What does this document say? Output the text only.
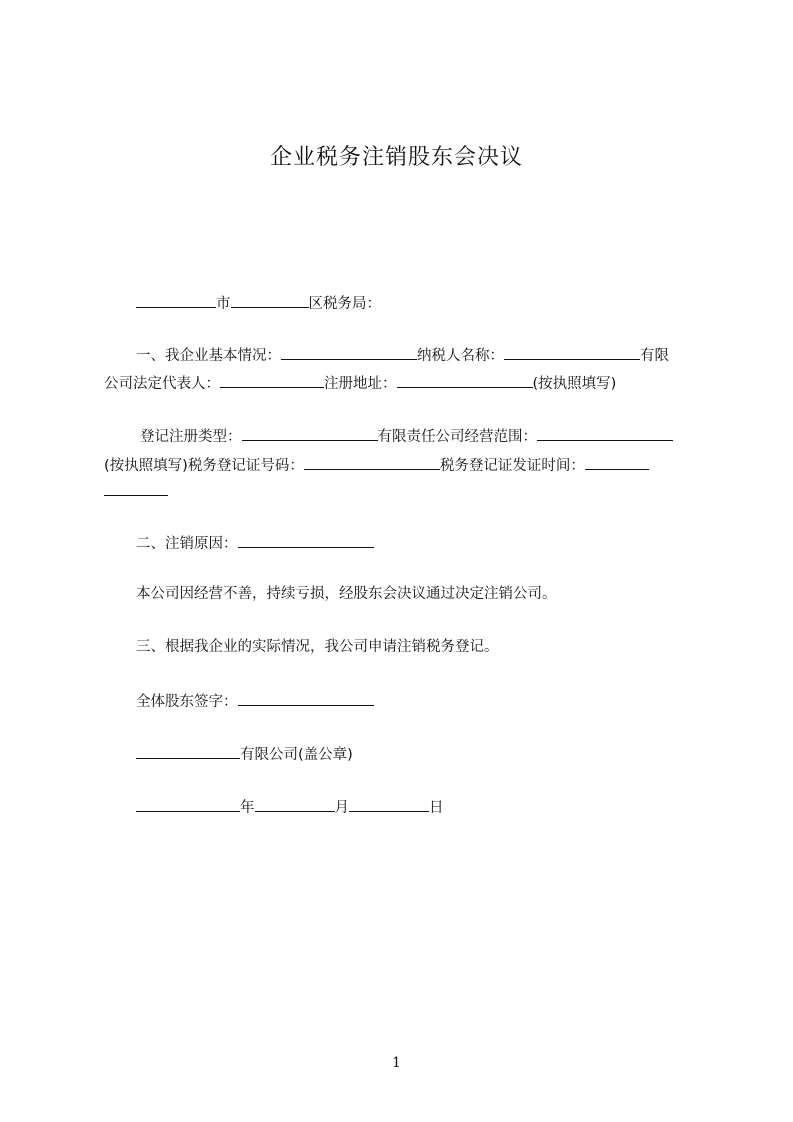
企业税务注销股东会决议
市	区税务局：
一、我企业基本情况：	纳税人名称：	有限
公司法定代表人：	注册地址：	(按执照填写)
登记注册类型：	有限责任公司经营范围：
(按执照填写)税务登记证号码：	税务登记证发证时间：
二、注销原因：
本公司因经营不善，持续亏损，经股东会决议通过决定注销公司。
三、根据我企业的实际情况，我公司申请注销税务登记。
全体股东签字：
有限公司(盖公章)
年	月	日
1
